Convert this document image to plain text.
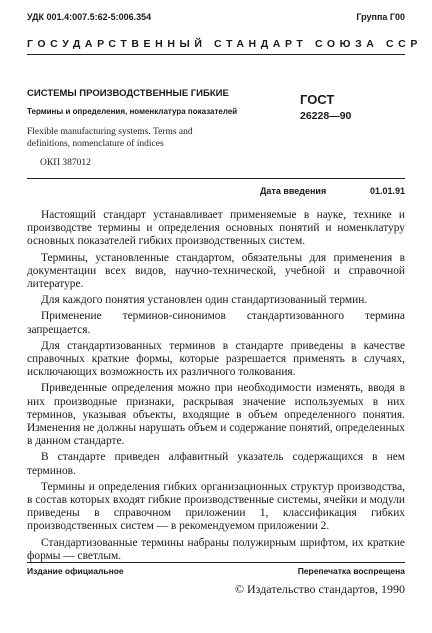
УДК 001.4:007.5:62-5:006.354	Группа Г00
ГОСУДАРСТВЕННЫЙ СТАНДАРТ СОЮЗА ССР
СИСТЕМЫ ПРОИЗВОДСТВЕННЫЕ ГИБКИЕ
Термины и определения, номенклатура показателей
Flexible manufacturing systems. Terms and
definitions, nomenclature of indices
ГОСТ
26228—90
ОКП 387012
Дата введения	01.01.91

Настоящий стандарт устанавливает применяемые в науке, технике и производстве термины и определения основных понятий и номенклатуру основных показателей гибких производственных систем.

Термины, установленные стандартом, обязательны для применения в документации всех видов, научно-технической, учебной и справочной литературе.

Для каждого понятия установлен один стандартизованный термин.

Применение терминов-синонимов стандартизованного термина запрещается.

Для стандартизованных терминов в стандарте приведены в качестве справочных краткие формы, которые разрешается применять в случаях, исключающих возможность их различного толкования.

Приведенные определения можно при необходимости изменять, вводя в них производные признаки, раскрывая значение используемых в них терминов, указывая объекты, входящие в объем определенного понятия. Изменения не должны нарушать объем и содержание понятий, определенных в данном стандарте.

В стандарте приведен алфавитный указатель содержащихся в нем терминов.

Термины и определения гибких организационных структур производства, в состав которых входят гибкие производственные системы, ячейки и модули приведены в справочном приложении 1, классификация гибких производственных систем — в рекомендуемом приложении 2.

Стандартизованные термины набраны полужирным шрифтом, их краткие формы — светлым.

Издание официальное	Перепечатка воспрещена
© Издательство стандартов, 1990
